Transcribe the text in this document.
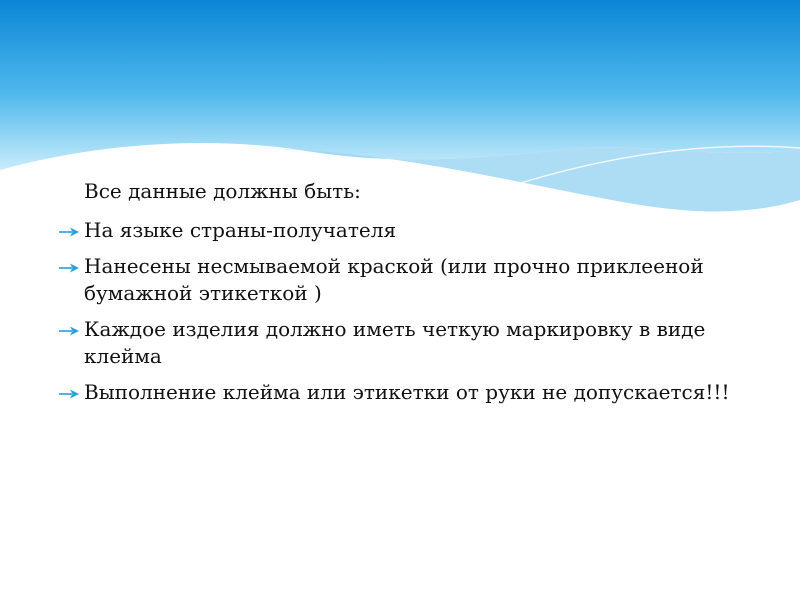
Все данные должны быть:

На языке страны-получателя
Нанесены несмываемой краской (или прочно приклееной бумажной этикеткой )
Каждое изделия должно иметь четкую маркировку в виде клейма
Выполнение клейма или этикетки от руки не допускается!!!
